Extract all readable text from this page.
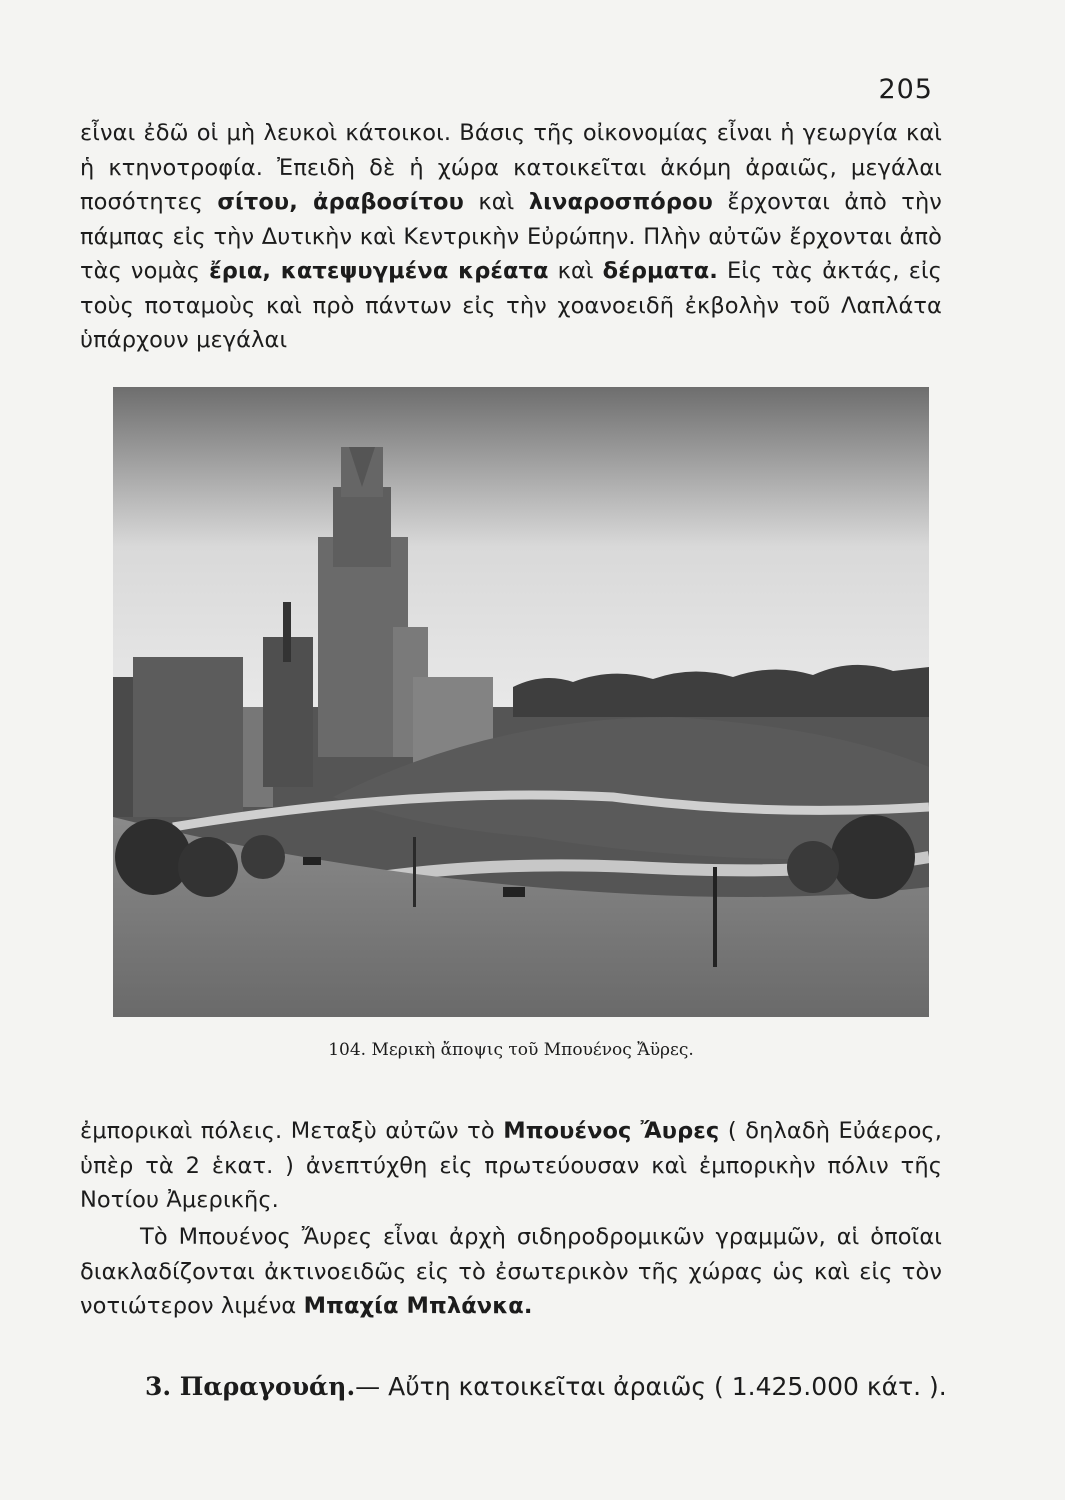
205
εἶναι ἐδῶ οἱ μὴ λευκοὶ κάτοικοι. Βάσις τῆς οἰκονομίας εἶναι ἡ γεωργία καὶ ἡ κτηνοτροφία. Ἐπειδὴ δὲ ἡ χώρα κατοικεῖται ἀκόμη ἀραιῶς, μεγάλαι ποσότητες σίτου, ἀραβοσίτου καὶ λιναροσπόρου ἔρχονται ἀπὸ τὴν πάμπας εἰς τὴν Δυτικὴν καὶ Κεντρικὴν Εὐρώπην. Πλὴν αὐτῶν ἔρχονται ἀπὸ τὰς νομὰς ἔρια, κατεψυγμένα κρέατα καὶ δέρματα. Εἰς τὰς ἀκτάς, εἰς τοὺς ποταμοὺς καὶ πρὸ πάντων εἰς τὴν χοανοειδῆ ἐκβολὴν τοῦ Λαπλάτα ὑπάρχουν μεγάλαι
104. Μερικὴ ἄποψις τοῦ Μπουένος Ἄϋρες.
ἐμπορικαὶ πόλεις. Μεταξὺ αὐτῶν τὸ Μπουένος Ἄυρες ( δηλαδὴ Εὐάερος, ὑπὲρ τὰ 2 ἑκατ. ) ἀνεπτύχθη εἰς πρωτεύουσαν καὶ ἐμπορικὴν πόλιν τῆς Νοτίου Ἀμερικῆς.
Τὸ Μπουένος Ἄυρες εἶναι ἀρχὴ σιδηροδρομικῶν γραμμῶν, αἱ ὁποῖαι διακλαδίζονται ἀκτινοειδῶς εἰς τὸ ἐσωτερικὸν τῆς χώρας ὡς καὶ εἰς τὸν νοτιώτερον λιμένα Μπαχία Μπλάνκα.
3. Παραγουάη.— Αὔτη κατοικεῖται ἀραιῶς ( 1.425.000 κάτ. ).
